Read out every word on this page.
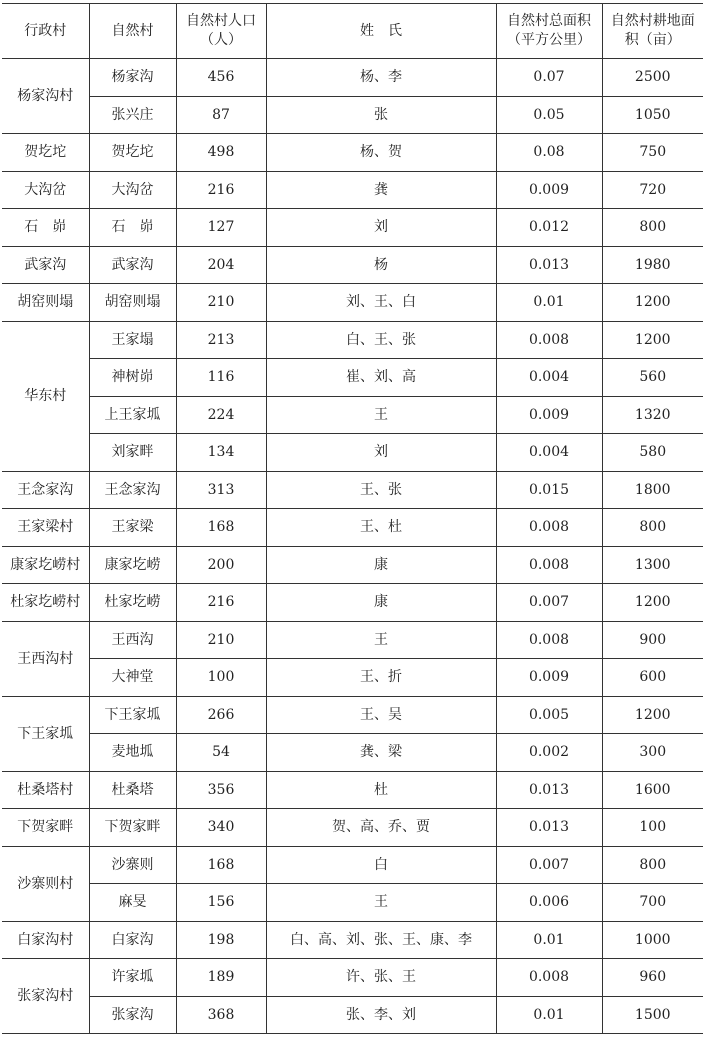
行政村	自然村	自然村人口（人）	姓　氏	自然村总面积（平方公里）	自然村耕地面积（亩）
杨家沟村	杨家沟	456	杨、李	0.07	2500
	张兴庄	87	张	0.05	1050
贺圪坨	贺圪坨	498	杨、贺	0.08	750
大沟岔	大沟岔	216	龚	0.009	720
石　峁	石　峁	127	刘	0.012	800
武家沟	武家沟	204	杨	0.013	1980
胡窑则塌	胡窑则塌	210	刘、王、白	0.01	1200
华东村	王家塌	213	白、王、张	0.008	1200
	神树峁	116	崔、刘、高	0.004	560
	上王家坬	224	王	0.009	1320
	刘家畔	134	刘	0.004	580
王念家沟	王念家沟	313	王、张	0.015	1800
王家梁村	王家梁	168	王、杜	0.008	800
康家圪崂村	康家圪崂	200	康	0.008	1300
杜家圪崂村	杜家圪崂	216	康	0.007	1200
王西沟村	王西沟	210	王	0.008	900
	大神堂	100	王、折	0.009	600
下王家坬	下王家坬	266	王、吴	0.005	1200
	麦地坬	54	龚、梁	0.002	300
杜桑塔村	杜桑塔	356	杜	0.013	1600
下贺家畔	下贺家畔	340	贺、高、乔、贾	0.013	100
沙寨则村	沙寨则	168	白	0.007	800
	麻旻	156	王	0.006	700
白家沟村	白家沟	198	白、高、刘、张、王、康、李	0.01	1000
张家沟村	许家坬	189	许、张、王	0.008	960
	张家沟	368	张、李、刘	0.01	1500
